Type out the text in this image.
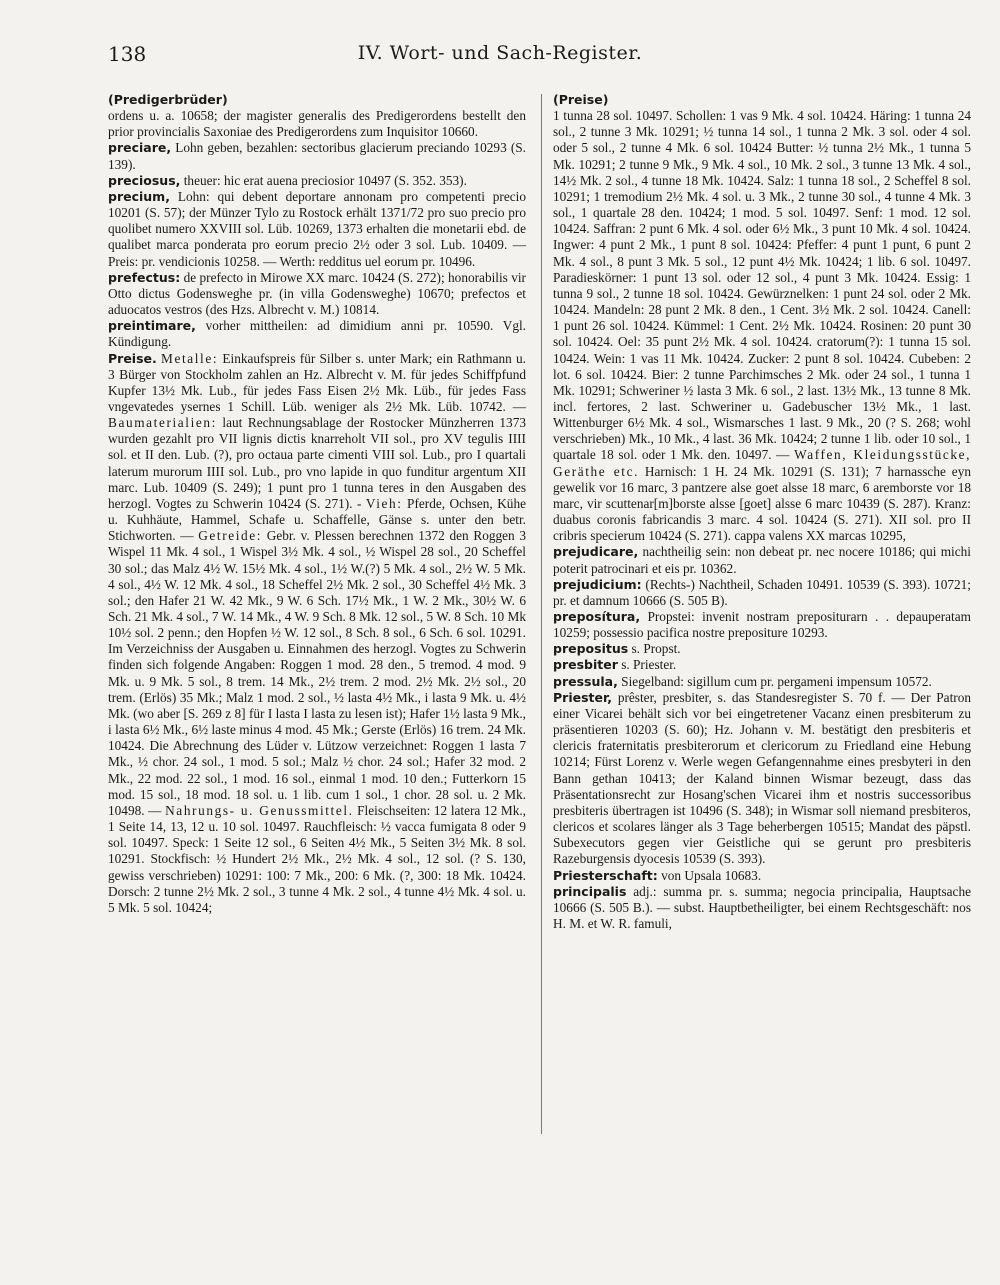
138	IV. Wort- und Sach-Register.

(Predigerbrüder)
ordens u. a. 10658; der magister generalis des Predigerordens bestellt den prior provincialis Saxoniae des Predigerordens zum Inquisitor 10660.

preciare, Lohn geben, bezahlen: sectoribus glacierum preciando 10293 (S. 139).

preciosus, theuer: hic erat auena preciosior 10497 (S. 352. 353).

precium, Lohn: qui debent deportare annonam pro competenti precio 10201 (S. 57); der Münzer Tylo zu Rostock erhält 1371/72 pro suo precio pro quolibet numero XXVIII sol. Lüb. 10269, 1373 erhalten die monetarii ebd. de qualibet marca ponderata pro eorum precio 2½ oder 3 sol. Lub. 10409. — Preis: pr. vendicionis 10258. — Werth: redditus uel eorum pr. 10496.

prefectus: de prefecto in Mirowe XX marc. 10424 (S. 272); honorabilis vir Otto dictus Godensweghe pr. (in villa Godensweghe) 10670; prefectos et aduocatos vestros (des Hzs. Albrecht v. M.) 10814.

preintimare, vorher mittheilen: ad dimidium anni pr. 10590. Vgl. Kündigung.

Preise. Metalle: Einkaufspreis für Silber s. unter Mark; ein Rathmann u. 3 Bürger von Stockholm zahlen an Hz. Albrecht v. M. für jedes Schiffpfund Kupfer 13½ Mk. Lub., für jedes Fass Eisen 2½ Mk. Lüb., für jedes Fass vngevatedes ysernes 1 Schill. Lüb. weniger als 2½ Mk. Lüb. 10742. — Baumaterialien: laut Rechnungsablage der Rostocker Münzherren 1373 wurden gezahlt pro VII lignis dictis knarreholt VII sol., pro XV tegulis IIII sol. et II den. Lub. (?), pro octaua parte cimenti VIII sol. Lub., pro I quartali laterum murorum IIII sol. Lub., pro vno lapide in quo funditur argentum XII marc. Lub. 10409 (S. 249); 1 punt pro 1 tunna teres in den Ausgaben des herzogl. Vogtes zu Schwerin 10424 (S. 271). - Vieh: Pferde, Ochsen, Kühe u. Kuhhäute, Hammel, Schafe u. Schaffelle, Gänse s. unter den betr. Stichworten. — Getreide: Gebr. v. Plessen berechnen 1372 den Roggen 3 Wispel 11 Mk. 4 sol., 1 Wispel 3½ Mk. 4 sol., ½ Wispel 28 sol., 20 Scheffel 30 sol.; das Malz 4½ W. 15½ Mk. 4 sol., 1½ W.(?) 5 Mk. 4 sol., 2½ W. 5 Mk. 4 sol., 4½ W. 12 Mk. 4 sol., 18 Scheffel 2½ Mk. 2 sol., 30 Scheffel 4½ Mk. 3 sol.; den Hafer 21 W. 42 Mk., 9 W. 6 Sch. 17½ Mk., 1 W. 2 Mk., 30½ W. 6 Sch. 21 Mk. 4 sol., 7 W. 14 Mk., 4 W. 9 Sch. 8 Mk. 12 sol., 5 W. 8 Sch. 10 Mk 10½ sol. 2 penn.; den Hopfen ½ W. 12 sol., 8 Sch. 8 sol., 6 Sch. 6 sol. 10291. Im Verzeichniss der Ausgaben u. Einnahmen des herzogl. Vogtes zu Schwerin finden sich folgende Angaben: Roggen 1 mod. 28 den., 5 tremod. 4 mod. 9 Mk. u. 9 Mk. 5 sol., 8 trem. 14 Mk., 2½ trem. 2 mod. 2½ Mk. 2½ sol., 20 trem. (Erlös) 35 Mk.; Malz 1 mod. 2 sol., ½ lasta 4½ Mk., i lasta 9 Mk. u. 4½ Mk. (wo aber [S. 269 z 8] für I lasta I lasta zu lesen ist); Hafer 1½ lasta 9 Mk., i lasta 6½ Mk., 6½ laste minus 4 mod. 45 Mk.; Gerste (Erlös) 16 trem. 24 Mk. 10424. Die Abrechnung des Lüder v. Lützow verzeichnet: Roggen 1 lasta 7 Mk., ½ chor. 24 sol., 1 mod. 5 sol.; Malz ½ chor. 24 sol.; Hafer 32 mod. 2 Mk., 22 mod. 22 sol., 1 mod. 16 sol., einmal 1 mod. 10 den.; Futterkorn 15 mod. 15 sol., 18 mod. 18 sol. u. 1 lib. cum 1 sol., 1 chor. 28 sol. u. 2 Mk. 10498. — Nahrungs- u. Genussmittel. Fleischseiten: 12 latera 12 Mk., 1 Seite 14, 13, 12 u. 10 sol. 10497. Rauchfleisch: ½ vacca fumigata 8 oder 9 sol. 10497. Speck: 1 Seite 12 sol., 6 Seiten 4½ Mk., 5 Seiten 3½ Mk. 8 sol. 10291. Stockfisch: ½ Hundert 2½ Mk., 2½ Mk. 4 sol., 12 sol. (? S. 130, gewiss verschrieben) 10291: 100: 7 Mk., 200: 6 Mk. (?, 300: 18 Mk. 10424. Dorsch: 2 tunne 2½ Mk. 2 sol., 3 tunne 4 Mk. 2 sol., 4 tunne 4½ Mk. 4 sol. u. 5 Mk. 5 sol. 10424;

(Preise)
1 tunna 28 sol. 10497. Schollen: 1 vas 9 Mk. 4 sol. 10424. Häring: 1 tunna 24 sol., 2 tunne 3 Mk. 10291; ½ tunna 14 sol., 1 tunna 2 Mk. 3 sol. oder 4 sol. oder 5 sol., 2 tunne 4 Mk. 6 sol. 10424 Butter: ½ tunna 2½ Mk., 1 tunna 5 Mk. 10291; 2 tunne 9 Mk., 9 Mk. 4 sol., 10 Mk. 2 sol., 3 tunne 13 Mk. 4 sol., 14½ Mk. 2 sol., 4 tunne 18 Mk. 10424. Salz: 1 tunna 18 sol., 2 Scheffel 8 sol. 10291; 1 tremodium 2½ Mk. 4 sol. u. 3 Mk., 2 tunne 30 sol., 4 tunne 4 Mk. 3 sol., 1 quartale 28 den. 10424; 1 mod. 5 sol. 10497. Senf: 1 mod. 12 sol. 10424. Saffran: 2 punt 6 Mk. 4 sol. oder 6½ Mk., 3 punt 10 Mk. 4 sol. 10424. Ingwer: 4 punt 2 Mk., 1 punt 8 sol. 10424: Pfeffer: 4 punt 1 punt, 6 punt 2 Mk. 4 sol., 8 punt 3 Mk. 5 sol., 12 punt 4½ Mk. 10424; 1 lib. 6 sol. 10497. Paradieskörner: 1 punt 13 sol. oder 12 sol., 4 punt 3 Mk. 10424. Essig: 1 tunna 9 sol., 2 tunne 18 sol. 10424. Gewürznelken: 1 punt 24 sol. oder 2 Mk. 10424. Mandeln: 28 punt 2 Mk. 8 den., 1 Cent. 3½ Mk. 2 sol. 10424. Canell: 1 punt 26 sol. 10424. Kümmel: 1 Cent. 2½ Mk. 10424. Rosinen: 20 punt 30 sol. 10424. Oel: 35 punt 2½ Mk. 4 sol. 10424. cratorum(?): 1 tunna 15 sol. 10424. Wein: 1 vas 11 Mk. 10424. Zucker: 2 punt 8 sol. 10424. Cubeben: 2 lot. 6 sol. 10424. Bier: 2 tunne Parchimsches 2 Mk. oder 24 sol., 1 tunna 1 Mk. 10291; Schweriner ½ lasta 3 Mk. 6 sol., 2 last. 13½ Mk., 13 tunne 8 Mk. incl. fertores, 2 last. Schweriner u. Gadebuscher 13½ Mk., 1 last. Wittenburger 6½ Mk. 4 sol., Wismarsches 1 last. 9 Mk., 20 (? S. 268; wohl verschrieben) Mk., 10 Mk., 4 last. 36 Mk. 10424; 2 tunne 1 lib. oder 10 sol., 1 quartale 18 sol. oder 1 Mk. den. 10497. — Waffen, Kleidungsstücke, Geräthe etc. Harnisch: 1 H. 24 Mk. 10291 (S. 131); 7 harnassche eyn gewelik vor 16 marc, 3 pantzere alse goet alsse 18 marc, 6 aremborste vor 18 marc, vir scuttenar[m]borste alsse [goet] alsse 6 marc 10439 (S. 287). Kranz: duabus coronis fabricandis 3 marc. 4 sol. 10424 (S. 271). XII sol. pro II cribris specierum 10424 (S. 271). cappa valens XX marcas 10295,

prejudicare, nachtheilig sein: non debeat pr. nec nocere 10186; qui michi poterit patrocinari et eis pr. 10362.

prejudicium: (Rechts-) Nachtheil, Schaden 10491. 10539 (S. 393). 10721; pr. et damnum 10666 (S. 505 B).

preposítura, Propstei: invenit nostram prepositurarn . . depauperatam 10259; possessio pacifica nostre prepositure 10293.

prepositus s. Propst.

presbiter s. Priester.

pressula, Siegelband: sigillum cum pr. pergameni impensum 10572.

Priester, prêster, presbiter, s. das Standesregister S. 70 f. — Der Patron einer Vicarei behält sich vor bei eingetretener Vacanz einen presbiterum zu präsentieren 10203 (S. 60); Hz. Johann v. M. bestätigt den presbiteris et clericis fraternitatis presbiterorum et clericorum zu Friedland eine Hebung 10214; Fürst Lorenz v. Werle wegen Gefangennahme eines presbyteri in den Bann gethan 10413; der Kaland binnen Wismar bezeugt, dass das Präsentationsrecht zur Hosang'schen Vicarei ihm et nostris successoribus presbiteris übertragen ist 10496 (S. 348); in Wismar soll niemand presbiteros, clericos et scolares länger als 3 Tage beherbergen 10515; Mandat des päpstl. Subexecutors gegen vier Geistliche qui se gerunt pro presbiteris Razeburgensis dyocesis 10539 (S. 393).

Priesterschaft: von Upsala 10683.

principalis adj.: summa pr. s. summa; negocia principalia, Hauptsache 10666 (S. 505 B.). — subst. Hauptbetheiligter, bei einem Rechtsgeschäft: nos H. M. et W. R. famuli,
